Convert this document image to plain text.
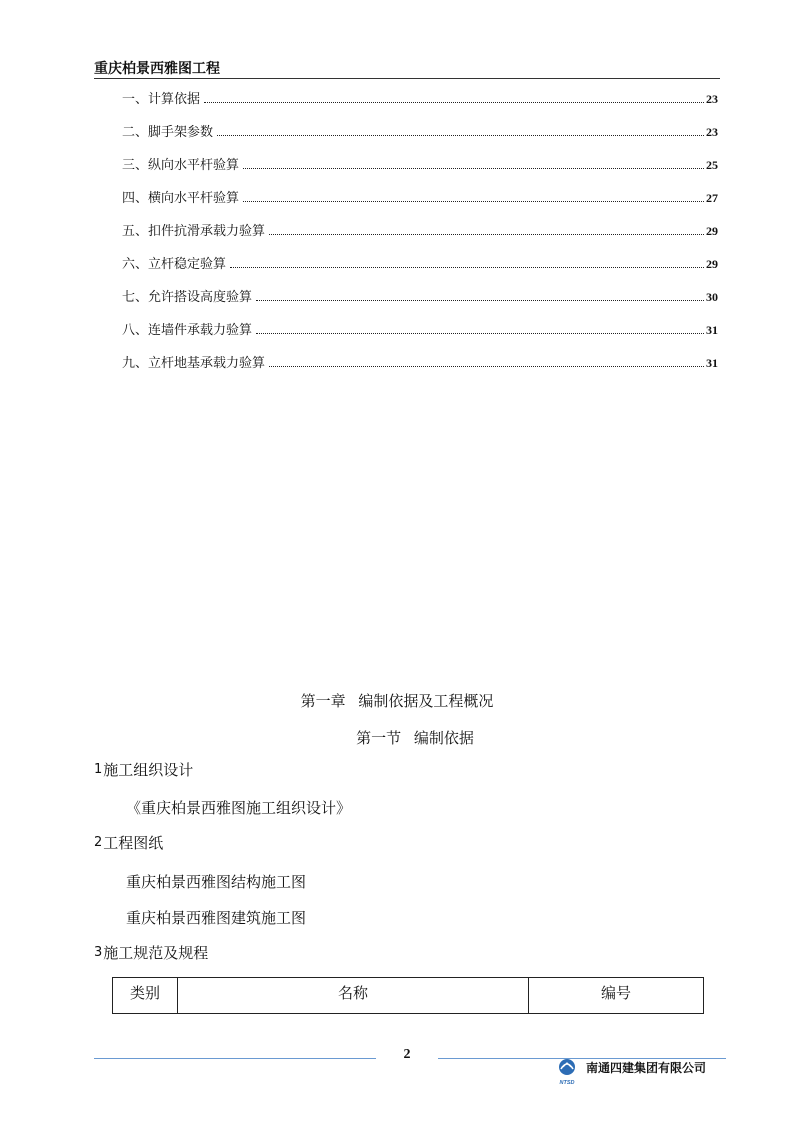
重庆柏景西雅图工程
一、计算依据	23
二、脚手架参数	23
三、纵向水平杆验算	25
四、横向水平杆验算	27
五、扣件抗滑承载力验算	29
六、立杆稳定验算	29
七、允许搭设高度验算	30
八、连墙件承载力验算	31
九、立杆地基承载力验算	31
第一章 编制依据及工程概况
第一节 编制依据
1施工组织设计
《重庆柏景西雅图施工组织设计》
2工程图纸
重庆柏景西雅图结构施工图
重庆柏景西雅图建筑施工图
3施工规范及规程
类别	名称	编号
2
NTSD
南通四建集团有限公司
